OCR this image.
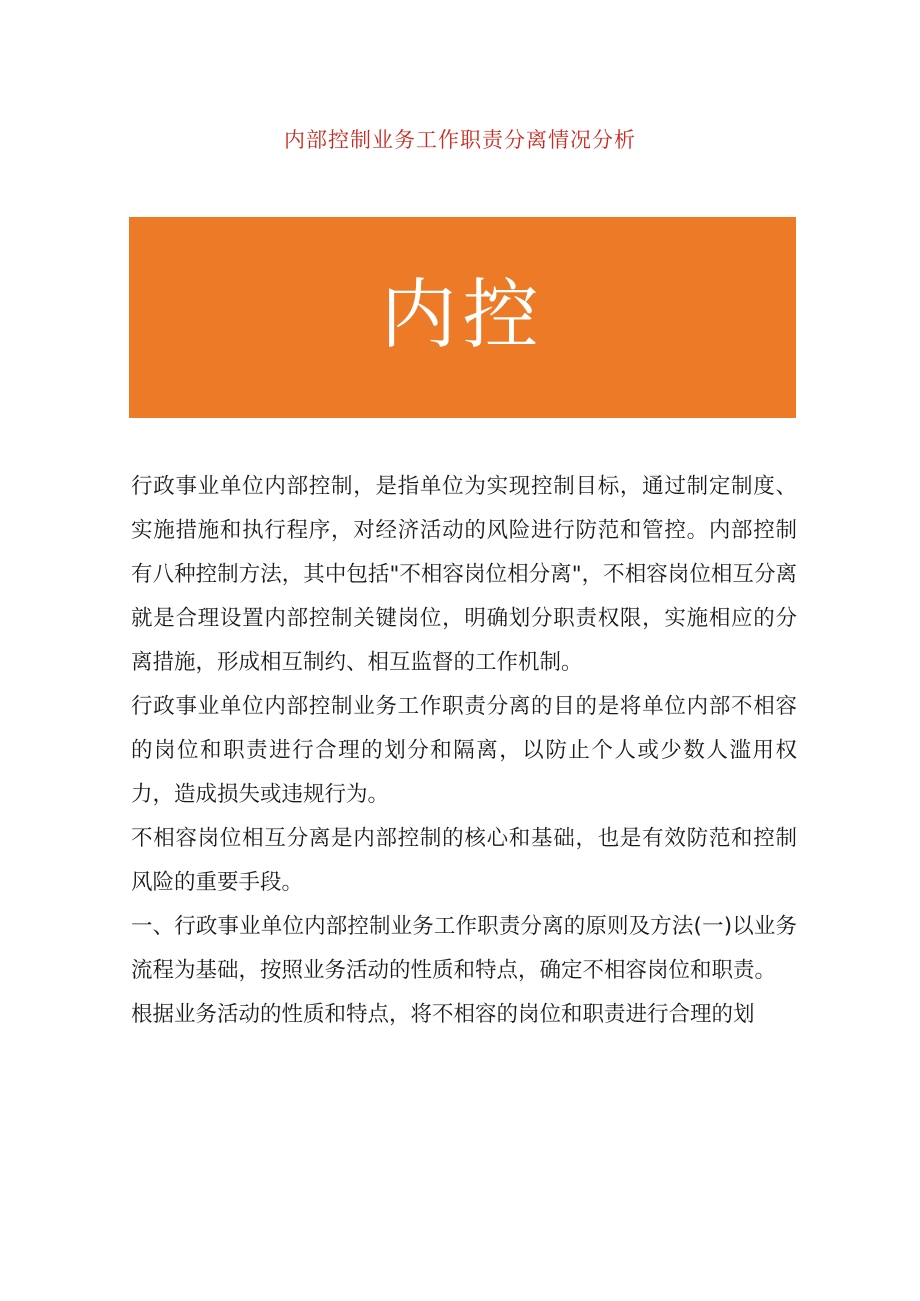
内部控制业务工作职责分离情况分析
内控

行政事业单位内部控制，是指单位为实现控制目标，通过制定制度、实施措施和执行程序，对经济活动的风险进行防范和管控。内部控制有八种控制方法，其中包括"不相容岗位相分离"，不相容岗位相互分离就是合理设置内部控制关键岗位，明确划分职责权限，实施相应的分离措施，形成相互制约、相互监督的工作机制。

行政事业单位内部控制业务工作职责分离的目的是将单位内部不相容的岗位和职责进行合理的划分和隔离，以防止个人或少数人滥用权力，造成损失或违规行为。

不相容岗位相互分离是内部控制的核心和基础，也是有效防范和控制风险的重要手段。

一、行政事业单位内部控制业务工作职责分离的原则及方法(一)以业务流程为基础，按照业务活动的性质和特点，确定不相容岗位和职责。

根据业务活动的性质和特点，将不相容的岗位和职责进行合理的划
